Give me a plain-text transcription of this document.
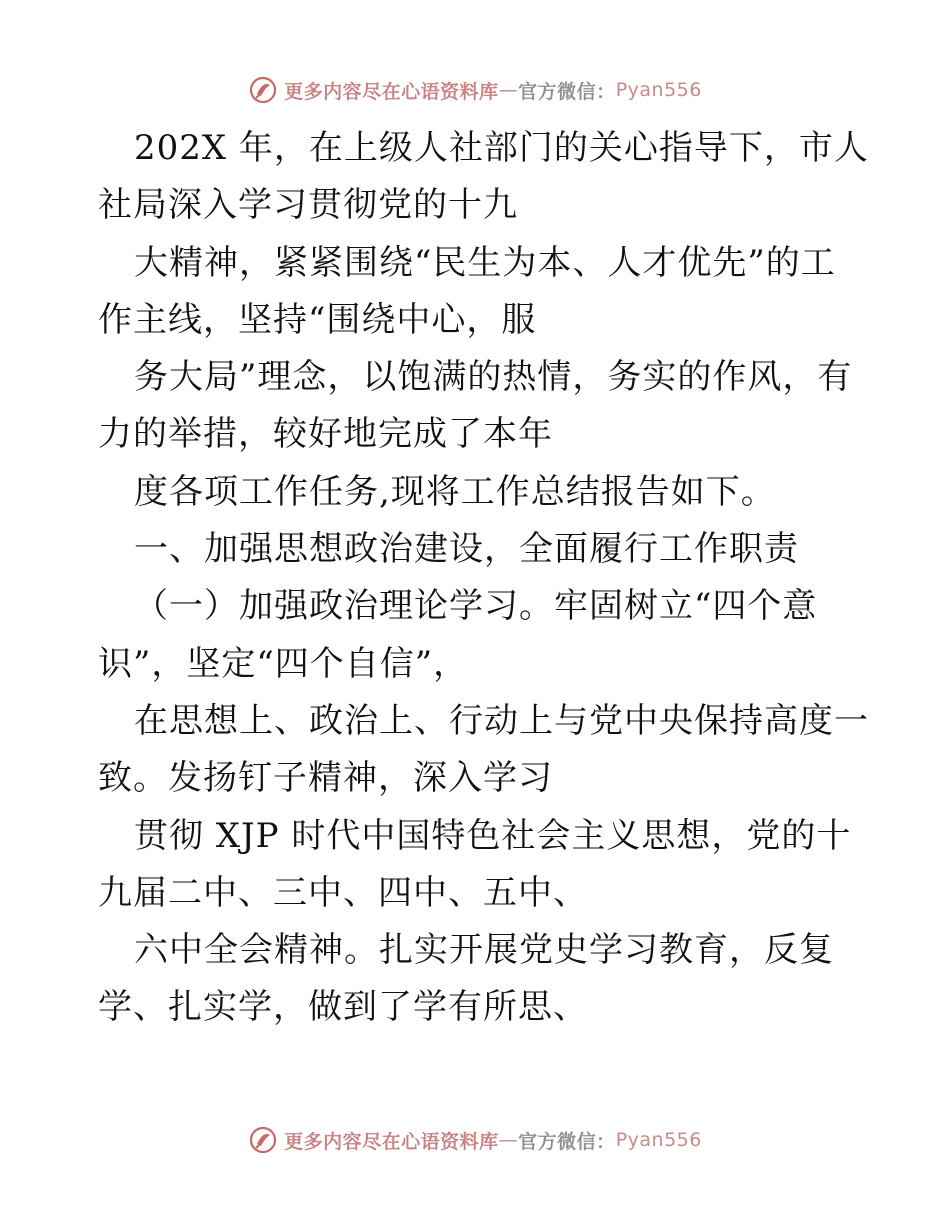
更多内容尽在心语资料库 — 官方微信： Pyan556
202X 年，在上级人社部门的关心指导下，市人
社局深入学习贯彻党的十九
大精神，紧紧围绕“民生为本、人才优先”的工
作主线，坚持“围绕中心，服
务大局”理念，以饱满的热情，务实的作风，有
力的举措，较好地完成了本年
度各项工作任务,现将工作总结报告如下。
一、加强思想政治建设，全面履行工作职责
（一）加强政治理论学习。牢固树立“四个意
识”，坚定“四个自信”，
在思想上、政治上、行动上与党中央保持高度一
致。发扬钉子精神，深入学习
贯彻 XJP 时代中国特色社会主义思想，党的十
九届二中、三中、四中、五中、
六中全会精神。扎实开展党史学习教育，反复
学、扎实学，做到了学有所思、
更多内容尽在心语资料库 — 官方微信： Pyan556
